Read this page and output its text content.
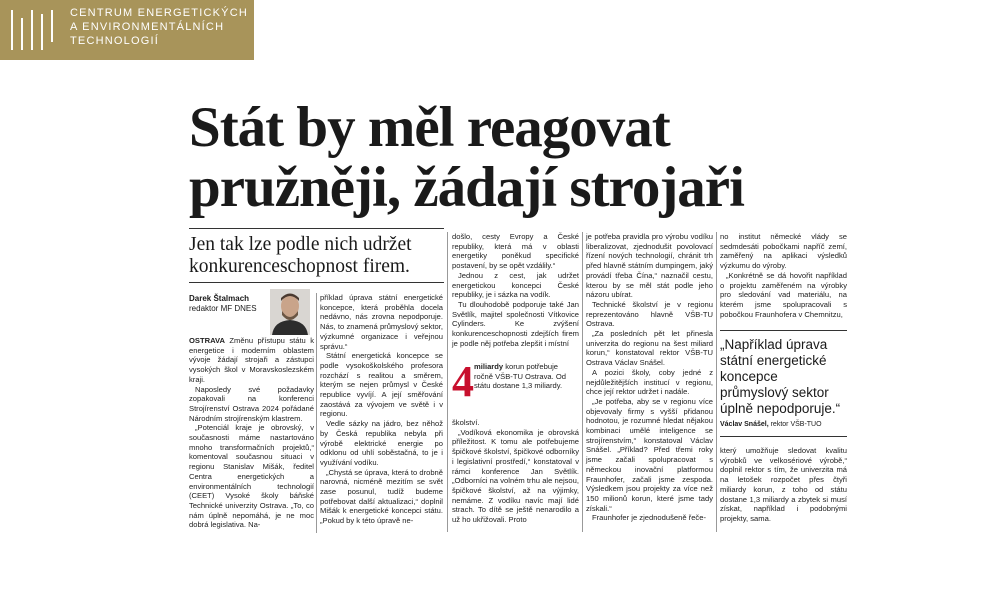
CENTRUM ENERGETICKÝCH
A ENVIRONMENTÁLNÍCH
TECHNOLOGIÍ
Stát by měl reagovat
pružněji, žádají strojaři
Jen tak lze podle nich udržet konkurenceschopnost firem.
Darek Štalmach
redaktor MF DNES

OSTRAVA Změnu přístupu státu k energetice i moderním oblastem vývoje žádají strojaři a zástupci vysokých škol v Moravskoslezském kraji.

Naposledy své požadavky zopakovali na konferenci Strojírenství Ostrava 2024 pořádané Národním strojírenským klastrem.

„Potenciál kraje je obrovský, v současnosti máme nastartováno mnoho transformačních projektů,“ komentoval současnou situaci v regionu Stanislav Mišák, ředitel Centra energetických a environmentálních technologií (CEET) Vysoké školy báňské Technické univerzity Ostrava. „To, co nám úplně nepomáhá, je ne moc dobrá legislativa. Na-

příklad úprava státní energetické koncepce, která proběhla docela nedávno, nás zrovna nepodporuje. Nás, to znamená průmyslový sektor, výzkumné organizace i veřejnou správu.“

Státní energetická koncepce se podle vysokoškolského profesora rozchází s realitou a směrem, kterým se nejen průmysl v České republice vyvíjí. A její směřování zaostává za vývojem ve světě i v regionu.

Vedle sázky na jádro, bez něhož by Česká republika nebyla při výrobě elektrické energie po odklonu od uhlí soběstačná, to je i využívání vodíku.

„Chystá se úprava, která to drobně narovná, nicméně mezitím se svět zase posunul, tudíž budeme potřebovat další aktualizaci,“ doplnil Mišák k energetické koncepci státu. „Pokud by k této úpravě ne-

došlo, cesty Evropy a České republiky, která má v oblasti energetiky poněkud specifické postavení, by se opět vzdálily.“

Jednou z cest, jak udržet energetickou koncepci České republiky, je i sázka na vodík.

Tu dlouhodobě podporuje také Jan Světlík, majitel společnosti Vítkovice Cylinders. Ke zvýšení konkurenceschopnosti zdejších firem je podle něj potřeba zlepšit i místní

4 miliardy korun potřebuje ročně VŠB-TU Ostrava. Od státu dostane 1,3 miliardy.

školství.

„Vodíková ekonomika je obrovská příležitost. K tomu ale potřebujeme špičkové školství, špičkové odborníky i legislativní prostředí,“ konstatoval v rámci konference Jan Světlík. „Odborníci na volném trhu ale nejsou, špičkové školství, až na výjimky, nemáme. Z vodíku navíc mají lidé strach. To dítě se ještě nenarodilo a už ho ukřižovali. Proto

je potřeba pravidla pro výrobu vodíku liberalizovat, zjednodušit povolovací řízení nových technologií, chránit trh před hlavně státním dumpingem, jaký provádí třeba Čína,“ naznačil cestu, kterou by se měl stát podle jeho názoru ubírat.

Technické školství je v regionu reprezentováno hlavně VŠB-TU Ostrava.

„Za posledních pět let přinesla univerzita do regionu na šest miliard korun,“ konstatoval rektor VŠB-TU Ostrava Václav Snášel.

A pozici školy, coby jedné z nejdůležitějších institucí v regionu, chce její rektor udržet i nadále.

„Je potřeba, aby se v regionu více objevovaly firmy s vyšší přidanou hodnotou, je rozumné hledat nějakou kombinaci umělé inteligence se strojírenstvím,“ konstatoval Václav Snášel. „Příklad? Před třemi roky jsme začali spolupracovat s německou inovační platformou Fraunhofer, začali jsme zespoda. Výsledkem jsou projekty za více než 150 milionů korun, které jsme tady získali.“

Fraunhofer je zjednodušeně řeče-

no institut německé vlády se sedmdesáti pobočkami napříč zemí, zaměřený na aplikaci výsledků výzkumu do výroby.

„Konkrétně se dá hovořit například o projektu zaměřeném na výrobky pro sledování vad materiálu, na kterém jsme spolupracovali s pobočkou Fraunhofera v Chemnitzu,

„Například úprava státní energetické koncepce průmyslový sektor úplně nepodporuje.“
Václav Snášel, rektor VŠB-TUO

který umožňuje sledovat kvalitu výrobků ve velkosériové výrobě,“ doplnil rektor s tím, že univerzita má na letošek rozpočet přes čtyři miliardy korun, z toho od státu dostane 1,3 miliardy a zbytek si musí získat, například i podobnými projekty, sama.
